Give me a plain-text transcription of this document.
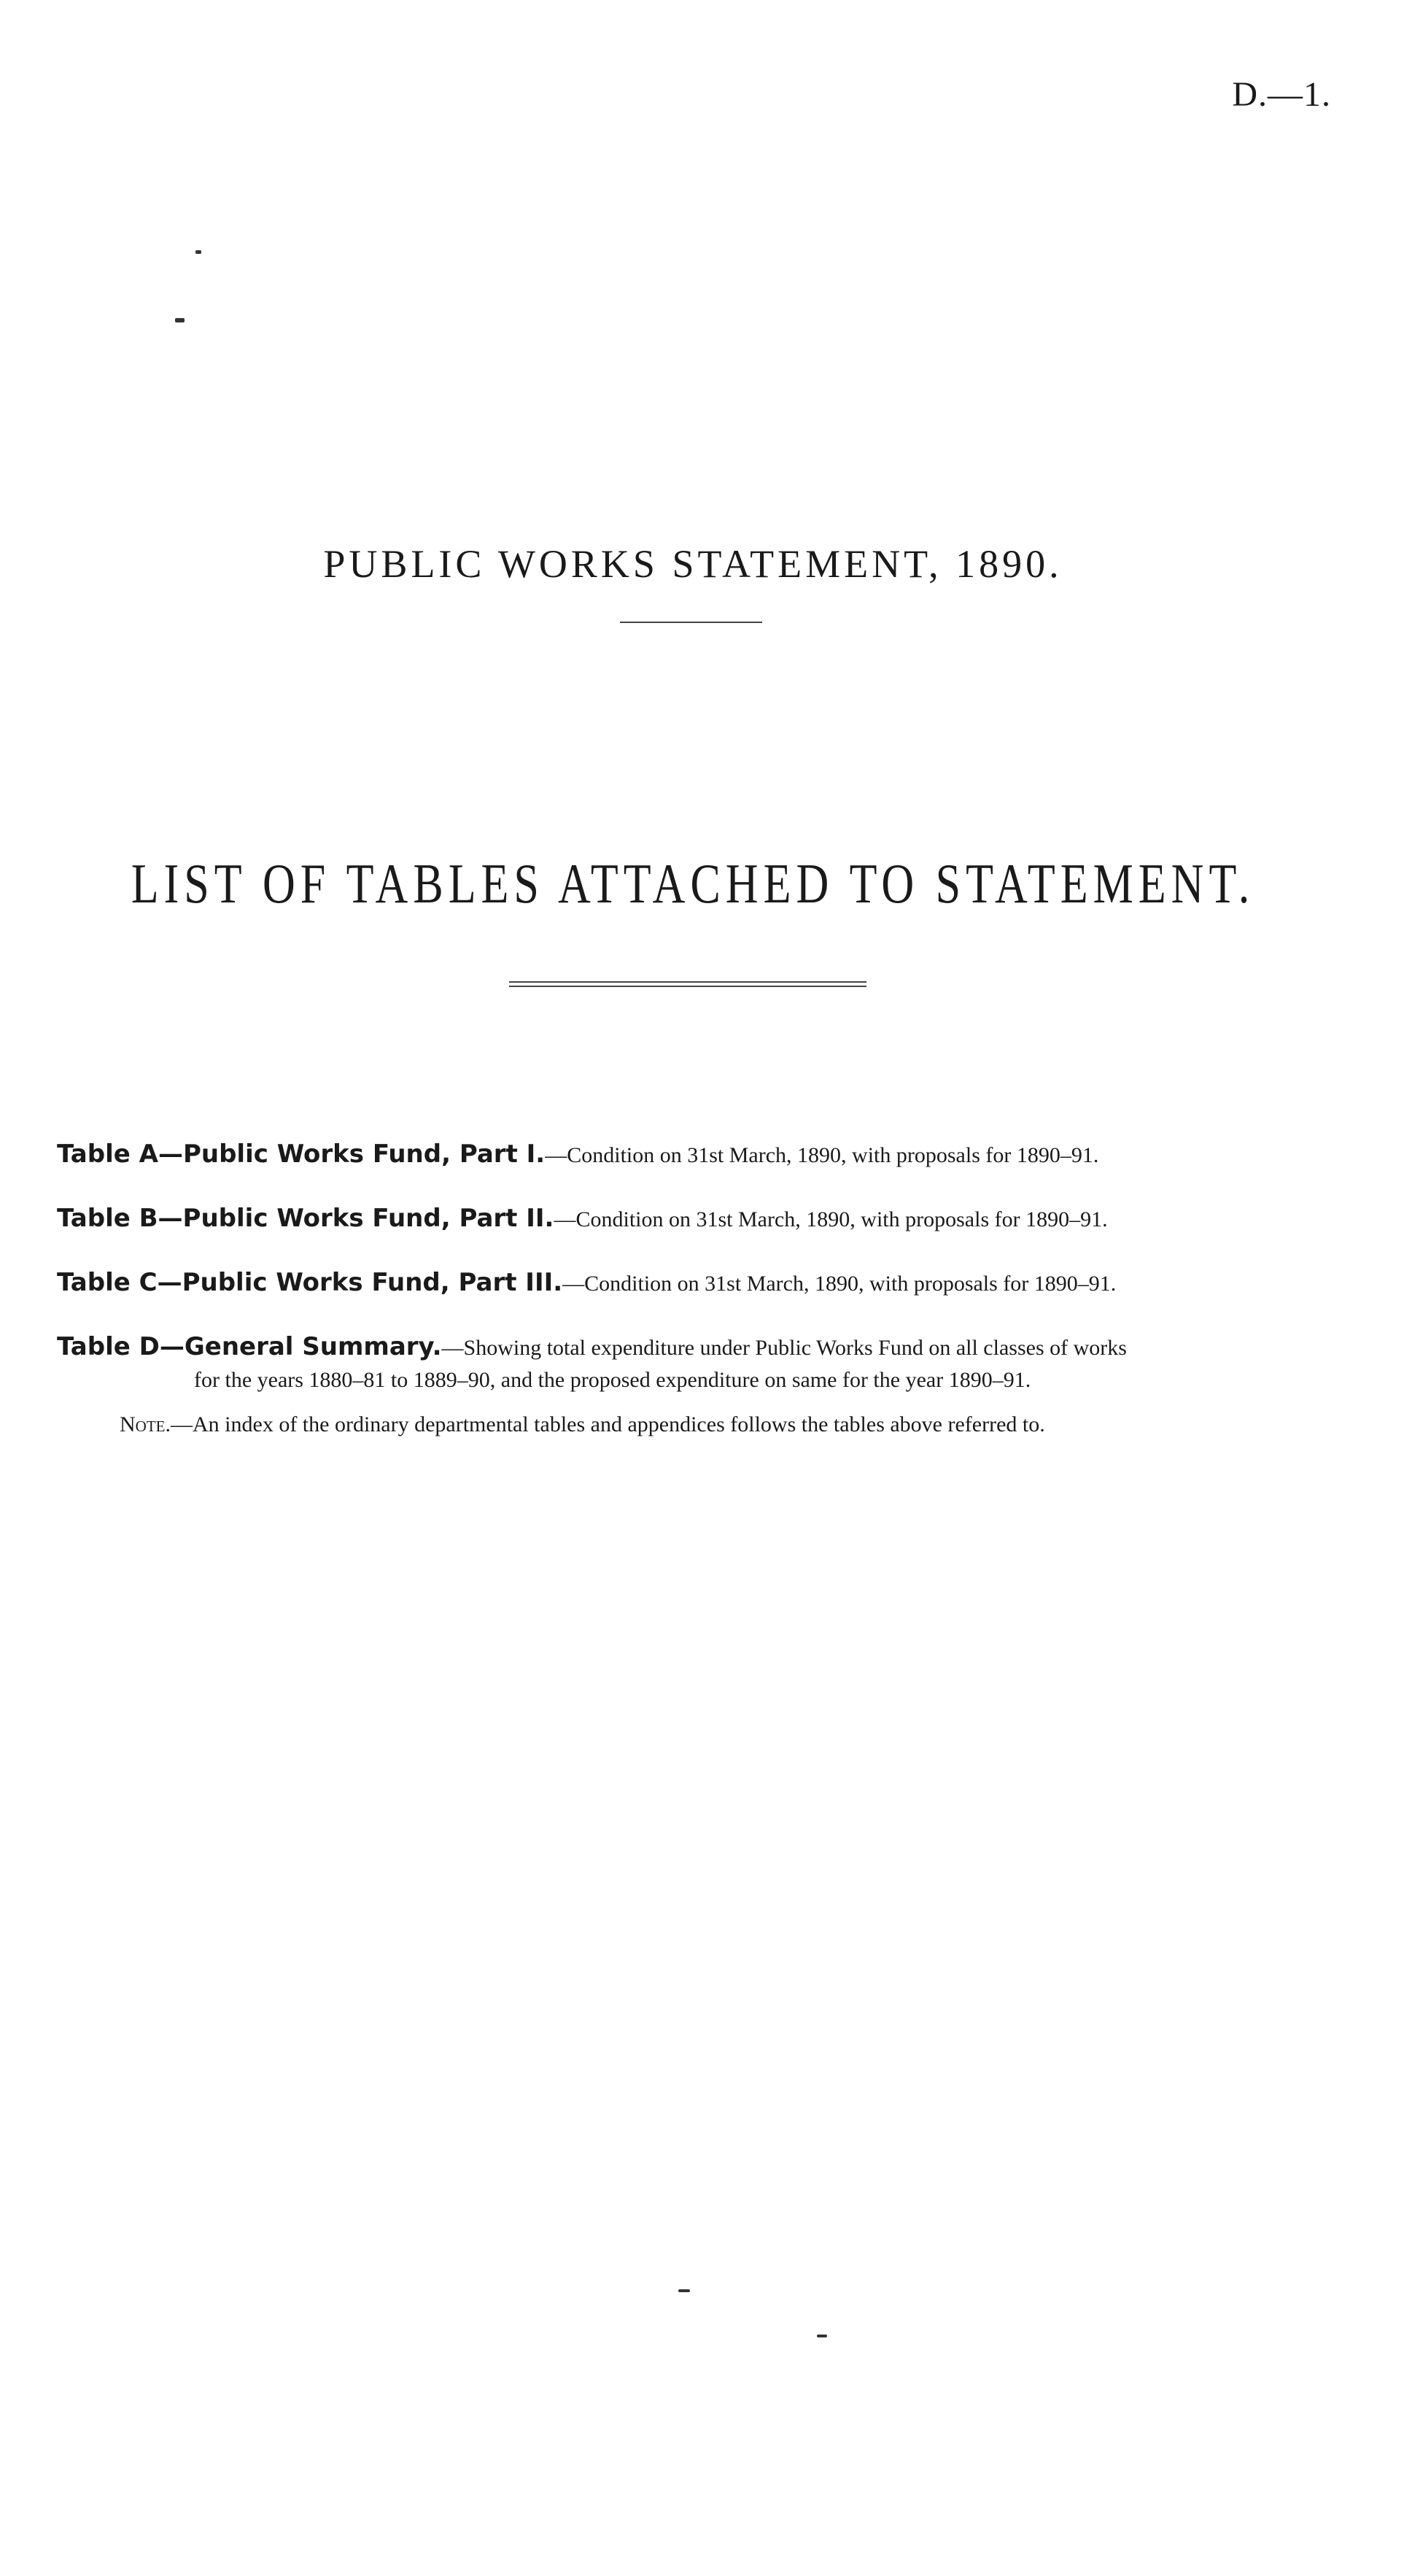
D.—1.
PUBLIC WORKS STATEMENT, 1890.
LIST OF TABLES ATTACHED TO STATEMENT.
Table A—Public Works Fund, Part I.—Condition on 31st March, 1890, with proposals for 1890–91.
Table B—Public Works Fund, Part II.—Condition on 31st March, 1890, with proposals for 1890–91.
Table C—Public Works Fund, Part III.—Condition on 31st March, 1890, with proposals for 1890–91.
Table D—General Summary.—Showing total expenditure under Public Works Fund on all classes of works
for the years 1880–81 to 1889–90, and the proposed expenditure on same for the year 1890–91.
Note.—An index of the ordinary departmental tables and appendices follows the tables above referred to.
